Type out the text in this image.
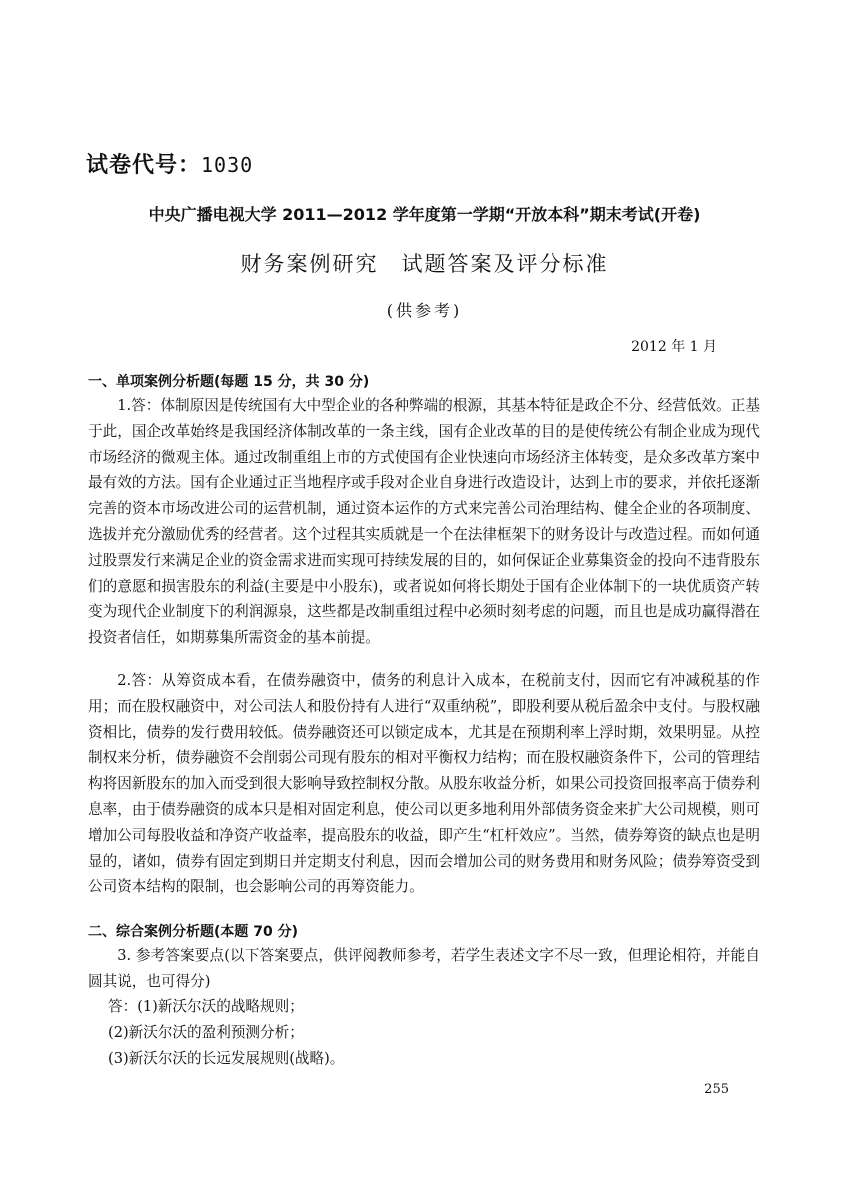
试卷代号：1030
中央广播电视大学 2011—2012 学年度第一学期“开放本科”期末考试(开卷)
财务案例研究　试题答案及评分标准
(供参考)
2012 年 1 月
一、单项案例分析题(每题 15 分，共 30 分)
1.答：体制原因是传统国有大中型企业的各种弊端的根源，其基本特征是政企不分、经营低效。正基于此，国企改革始终是我国经济体制改革的一条主线，国有企业改革的目的是使传统公有制企业成为现代市场经济的微观主体。通过改制重组上市的方式使国有企业快速向市场经济主体转变，是众多改革方案中最有效的方法。国有企业通过正当地程序或手段对企业自身进行改造设计，达到上市的要求，并依托逐渐完善的资本市场改进公司的运营机制，通过资本运作的方式来完善公司治理结构、健全企业的各项制度、选拔并充分激励优秀的经营者。这个过程其实质就是一个在法律框架下的财务设计与改造过程。而如何通过股票发行来满足企业的资金需求进而实现可持续发展的目的，如何保证企业募集资金的投向不违背股东们的意愿和损害股东的利益(主要是中小股东)，或者说如何将长期处于国有企业体制下的一块优质资产转变为现代企业制度下的利润源泉，这些都是改制重组过程中必须时刻考虑的问题，而且也是成功赢得潜在投资者信任，如期募集所需资金的基本前提。
2.答：从筹资成本看，在债券融资中，债务的利息计入成本，在税前支付，因而它有冲减税基的作用；而在股权融资中，对公司法人和股份持有人进行“双重纳税”，即股利要从税后盈余中支付。与股权融资相比，债券的发行费用较低。债券融资还可以锁定成本，尤其是在预期利率上浮时期，效果明显。从控制权来分析，债券融资不会削弱公司现有股东的相对平衡权力结构；而在股权融资条件下，公司的管理结构将因新股东的加入而受到很大影响导致控制权分散。从股东收益分析，如果公司投资回报率高于债券利息率，由于债券融资的成本只是相对固定利息，使公司以更多地利用外部债务资金来扩大公司规模，则可增加公司每股收益和净资产收益率，提高股东的收益，即产生“杠杆效应”。当然，债券筹资的缺点也是明显的，诸如，债券有固定到期日并定期支付利息，因而会增加公司的财务费用和财务风险；债券筹资受到公司资本结构的限制，也会影响公司的再筹资能力。
二、综合案例分析题(本题 70 分)
3. 参考答案要点(以下答案要点，供评阅教师参考，若学生表述文字不尽一致，但理论相符，并能自圆其说，也可得分)
答：(1)新沃尔沃的战略规则；
(2)新沃尔沃的盈利预测分析；
(3)新沃尔沃的长远发展规则(战略)。
255
